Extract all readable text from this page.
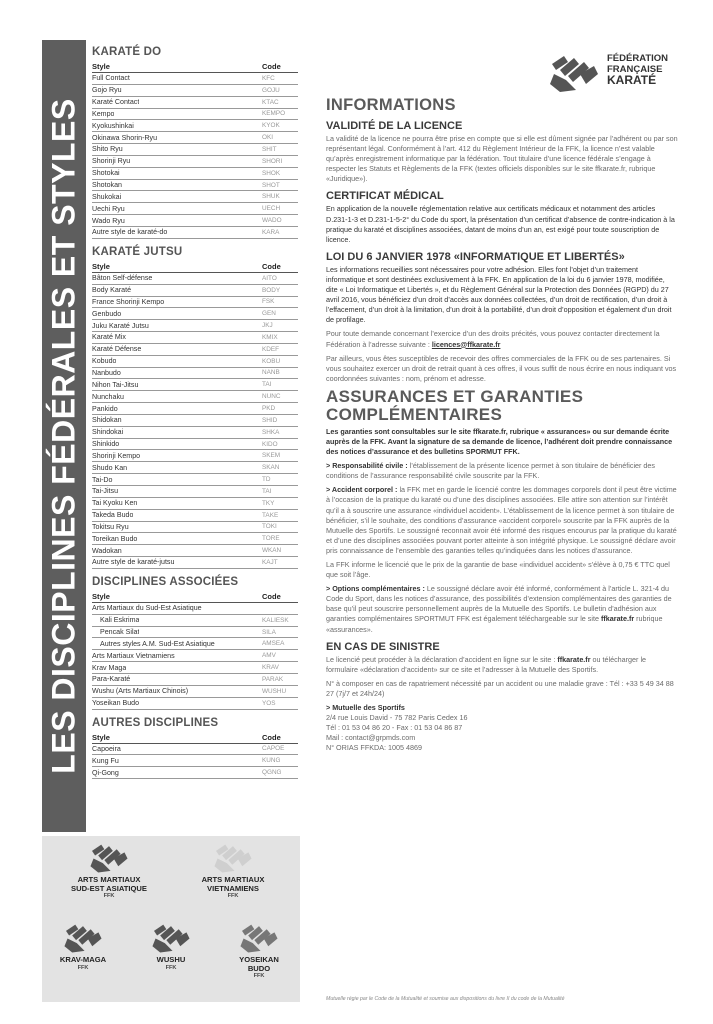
LES DISCIPLINES FÉDÉRALES ET STYLES
KARATÉ DO
Style	Code
Full Contact	KFC
Gojo Ryu	GOJU
Karaté Contact	KTAC
Kempo	KEMPO
Kyokushinkai	KYOK
Okinawa Shorin-Ryu	OKI
Shito Ryu	SHIT
Shorinji Ryu	SHORI
Shotokai	SHOK
Shotokan	SHOT
Shukokai	SHUK
Uechi Ryu	UECH
Wado Ryu	WADO
Autre style de karaté-do	KARA
KARATÉ JUTSU
Style	Code
Bâton Self-défense	AITO
Body Karaté	BODY
France Shorinji Kempo	FSK
Genbudo	GEN
Juku Karaté Jutsu	JKJ
Karaté Mix	KMIX
Karaté Défense	KDEF
Kobudo	KOBU
Nanbudo	NANB
Nihon Tai-Jitsu	TAI
Nunchaku	NUNC
Pankido	PKD
Shidokan	SHID
Shindokai	SHKA
Shinkido	KIDO
Shorinji Kempo	SKEM
Shudo Kan	SKAN
Tai-Do	TD
Tai-Jitsu	TAI
Tai Kyoku Ken	TKY
Takeda Budo	TAKE
Tokitsu Ryu	TOKI
Toreikan Budo	TORE
Wadokan	WKAN
Autre style de karaté-jutsu	KAJT
DISCIPLINES ASSOCIÉES
Style	Code
Arts Martiaux du Sud-Est Asiatique
Kali Eskrima	KALIESK
Pencak Silat	SILA
Autres styles A.M. Sud-Est Asiatique	AMSEA
Arts Martiaux Vietnamiens	AMV
Krav Maga	KRAV
Para-Karaté	PARAK
Wushu (Arts Martiaux Chinois)	WUSHU
Yoseikan Budo	YOS
AUTRES DISCIPLINES
Style	Code
Capoeira	CAPOE
Kung Fu	KUNG
Qi-Gong	QGNG
ARTS MARTIAUX
SUD-EST ASIATIQUE
FFK
ARTS MARTIAUX
VIETNAMIENS
FFK
KRAV-MAGA
FFK
WUSHU
FFK
YOSEIKAN
BUDO
FFK
FÉDÉRATION
FRANÇAISE
KARATÉ
INFORMATIONS
VALIDITÉ DE LA LICENCE

La validité de la licence ne pourra être prise en compte que si elle est dûment signée par l’adhérent ou par son représentant légal. Conformément à l’art. 412 du Règlement Intérieur de la FFK, la licence n’est valable qu’après enregistrement informatique par la fédération. Tout titulaire d’une licence fédérale s’engage à respecter les Statuts et Règlements de la FFK (textes officiels disponibles sur le site ffkarate.fr, rubrique «Juridique»).

CERTIFICAT MÉDICAL

En application de la nouvelle réglementation relative aux certificats médicaux et notamment des articles D.231-1-3 et D.231-1-5-2° du Code du sport, la présentation d’un certificat d’absence de contre-indication à la pratique du karaté et disciplines associées, datant de moins d’un an, est exigé pour toute souscription de licence.

LOI DU 6 JANVIER 1978 «INFORMATIQUE ET LIBERTÉS»

Les informations recueillies sont nécessaires pour votre adhésion. Elles font l’objet d’un traitement informatique et sont destinées exclusivement à la FFK. En application de la loi du 6 janvier 1978, modifiée, dite « Loi Informatique et Libertés », et du Règlement Général sur la Protection des Données (RGPD) du 27 avril 2016, vous bénéficiez d’un droit d’accès aux données collectées, d’un droit de rectification, d’un droit à l’effacement, d’un droit à la limitation, d’un droit à la portabilité, d’un droit d’opposition et également d’un droit de profilage.

Pour toute demande concernant l’exercice d’un des droits précités, vous pouvez contacter directement la Fédération à l’adresse suivante : licences@ffkarate.fr

Par ailleurs, vous êtes susceptibles de recevoir des offres commerciales de la FFK ou de ses partenaires. Si vous souhaitez exercer un droit de retrait quant à ces offres, il vous suffit de nous écrire en nous indiquant vos coordonnées suivantes : nom, prénom et adresse.

ASSURANCES ET GARANTIES COMPLÉMENTAIRES

Les garanties sont consultables sur le site ffkarate.fr, rubrique « assurances» ou sur demande écrite auprès de la FFK. Avant la signature de sa demande de licence, l’adhérent doit prendre connaissance des notices d’assurance et des bulletins SPORMUT FFK.

> Responsabilité civile : l’établissement de la présente licence permet à son titulaire de bénéficier des conditions de l’assurance responsabilité civile souscrite par la FFK.

> Accident corporel : la FFK met en garde le licencié contre les dommages corporels dont il peut être victime à l’occasion de la pratique du karaté ou d’une des disciplines associées. Elle attire son attention sur l’intérêt qu’il a à souscrire une assurance «individuel accident». L’établissement de la licence permet à son titulaire de bénéficier, s’il le souhaite, des conditions d’assurance «accident corporel» souscrite par la FFK auprès de la Mutuelle des Sportifs. Le soussigné reconnait avoir été informé des risques encourus par la pratique du karaté et d’une des disciplines associées pouvant porter atteinte à son intégrité physique. Le soussigné déclare avoir pris connaissance de l’ensemble des garanties telles qu’indiquées dans les notices d’assurance.

La FFK informe le licencié que le prix de la garantie de base «individuel accident» s’élève à 0,75 € TTC quel que soit l’âge.

> Options complémentaires : Le soussigné déclare avoir été informé, conformément à l’article L. 321-4 du Code du Sport, dans les notices d’assurance, des possibilités d’extension complémentaires des garanties de base qu’il peut souscrire personnellement auprès de la Mutuelle des Sportifs. Le bulletin d’adhésion aux garanties complémentaires SPORTMUT FFK est également téléchargeable sur le site ffkarate.fr rubrique «assurances».

EN CAS DE SINISTRE

Le licencié peut procéder à la déclaration d’accident en ligne sur le site : ffkarate.fr ou télécharger le formulaire «déclaration d’accident» sur ce site et l’adresser à la Mutuelle des Sportifs.

N° à composer en cas de rapatriement nécessité par un accident ou une maladie grave : Tél : +33 5 49 34 88 27 (7j/7 et 24h/24)

> Mutuelle des Sportifs
2/4 rue Louis David - 75 782 Paris Cedex 16
Tél : 01 53 04 86 20 - Fax : 01 53 04 86 87
Mail : contact@grpmds.com
N° ORIAS FFKDA: 1005 4869
Mutuelle régie par le Code de la Mutualité et soumise aux dispositions du livre II du code de la Mutualité
